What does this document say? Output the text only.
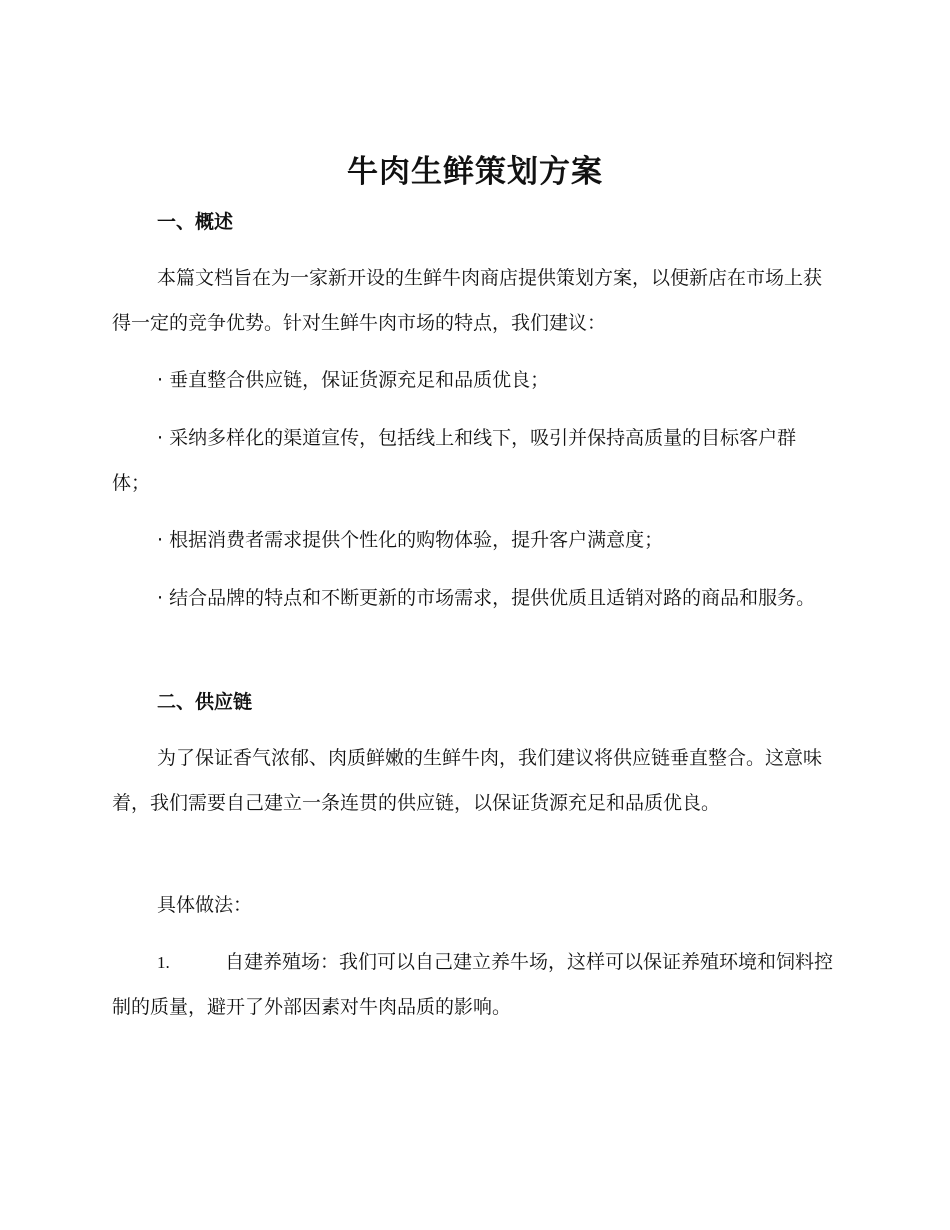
牛肉生鲜策划方案
一、概述

本篇文档旨在为一家新开设的生鲜牛肉商店提供策划方案，以便新店在市场上获得一定的竞争优势。针对生鲜牛肉市场的特点，我们建议：

· 垂直整合供应链，保证货源充足和品质优良；

· 采纳多样化的渠道宣传，包括线上和线下，吸引并保持高质量的目标客户群体；

· 根据消费者需求提供个性化的购物体验，提升客户满意度；

· 结合品牌的特点和不断更新的市场需求，提供优质且适销对路的商品和服务。

二、供应链

为了保证香气浓郁、肉质鲜嫩的生鲜牛肉，我们建议将供应链垂直整合。这意味着，我们需要自己建立一条连贯的供应链，以保证货源充足和品质优良。

具体做法：

1.	自建养殖场：我们可以自己建立养牛场，这样可以保证养殖环境和饲料控制的质量，避开了外部因素对牛肉品质的影响。
